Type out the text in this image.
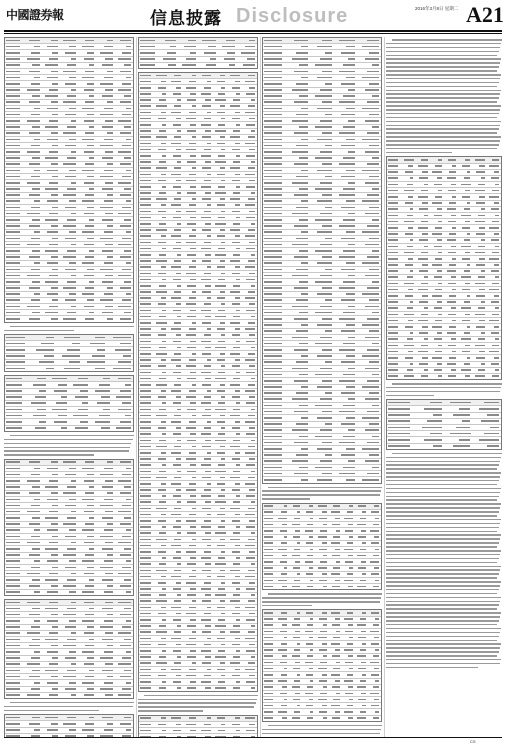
中國證券報	信息披露 Disclosure	2016年3月8日 星期二 A21
CS
